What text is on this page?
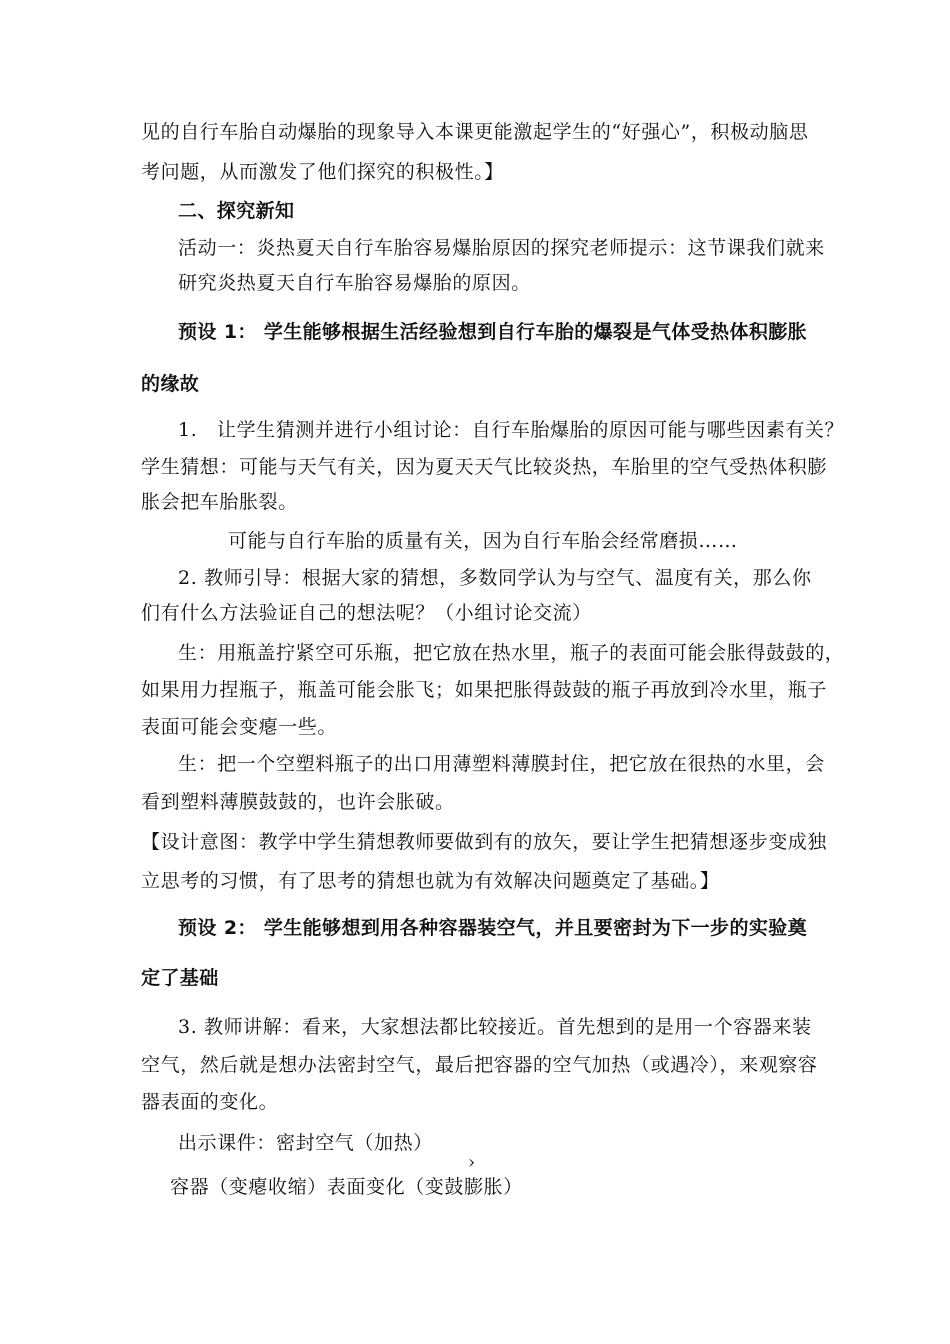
见的自行车胎自动爆胎的现象导入本课更能激起学生的“好强心”，积极动脑思
考问题，从而激发了他们探究的积极性。】
二、探究新知
活动一：炎热夏天自行车胎容易爆胎原因的探究老师提示：这节课我们就来
研究炎热夏天自行车胎容易爆胎的原因。
预设 1： 学生能够根据生活经验想到自行车胎的爆裂是气体受热体积膨胀
的缘故
1.　让学生猜测并进行小组讨论：自行车胎爆胎的原因可能与哪些因素有关？
学生猜想：可能与天气有关，因为夏天天气比较炎热，车胎里的空气受热体积膨
胀会把车胎胀裂。
可能与自行车胎的质量有关，因为自行车胎会经常磨损……
2. 教师引导：根据大家的猜想，多数同学认为与空气、温度有关，那么你
们有什么方法验证自己的想法呢？（小组讨论交流）
生：用瓶盖拧紧空可乐瓶，把它放在热水里，瓶子的表面可能会胀得鼓鼓的，
如果用力捏瓶子，瓶盖可能会胀飞；如果把胀得鼓鼓的瓶子再放到冷水里，瓶子
表面可能会变瘪一些。
生：把一个空塑料瓶子的出口用薄塑料薄膜封住，把它放在很热的水里，会
看到塑料薄膜鼓鼓的，也许会胀破。
【设计意图：教学中学生猜想教师要做到有的放矢，要让学生把猜想逐步变成独
立思考的习惯，有了思考的猜想也就为有效解决问题奠定了基础。】
预设 2： 学生能够想到用各种容器装空气，并且要密封为下一步的实验奠
定了基础
3. 教师讲解：看来，大家想法都比较接近。首先想到的是用一个容器来装
空气，然后就是想办法密封空气，最后把容器的空气加热（或遇冷），来观察容
器表面的变化。
出示课件：密封空气（加热）
›
容器（变瘪收缩）表面变化（变鼓膨胀）
